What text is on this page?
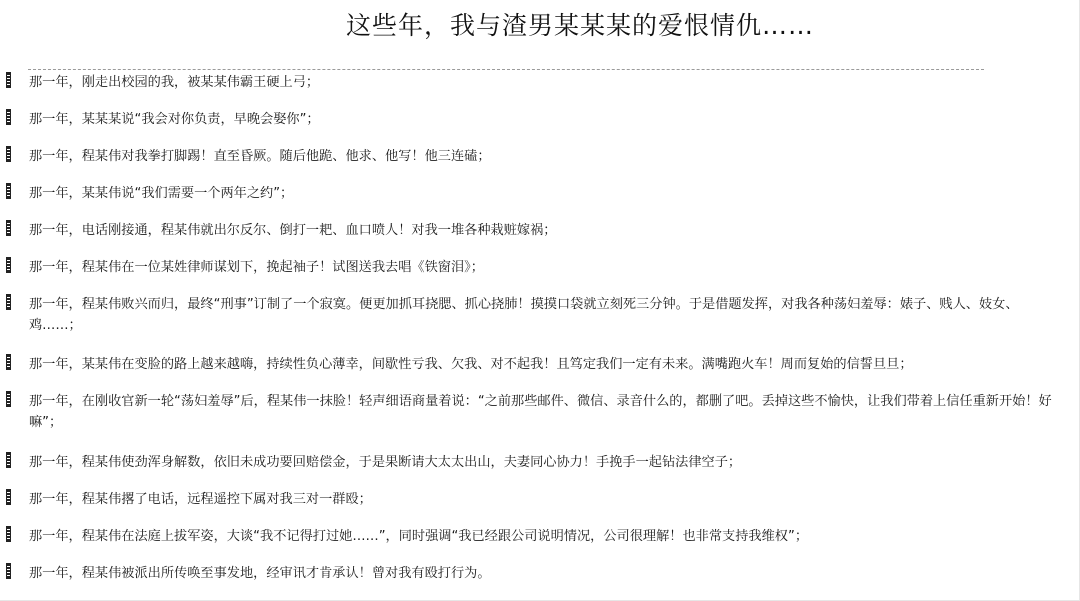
这些年，我与渣男某某某的爱恨情仇……
那一年，刚走出校园的我，被某某伟霸王硬上弓；
那一年，某某某说“我会对你负责，早晚会娶你”；
那一年，程某伟对我拳打脚踢！直至昏厥。随后他跪、他求、他写！他三连磕；
那一年，某某伟说“我们需要一个两年之约”；
那一年，电话刚接通，程某伟就出尔反尔、倒打一耙、血口喷人！对我一堆各种栽赃嫁祸；
那一年，程某伟在一位某姓律师谋划下，挽起袖子！试图送我去唱《铁窗泪》；
那一年，程某伟败兴而归，最终“刑事”订制了一个寂寞。便更加抓耳挠腮、抓心挠肺！摸摸口袋就立刻死三分钟。于是借题发挥，对我各种荡妇羞辱：婊子、贱人、妓女、鸡……；
那一年，某某伟在变脸的路上越来越嗨，持续性负心薄幸，间歇性亏我、欠我、对不起我！且笃定我们一定有未来。满嘴跑火车！周而复始的信誓旦旦；
那一年，在刚收官新一轮“荡妇羞辱”后，程某伟一抹脸！轻声细语商量着说：“之前那些邮件、微信、录音什么的，都删了吧。丢掉这些不愉快，让我们带着上信任重新开始！好嘛”；
那一年，程某伟使劲浑身解数，依旧未成功要回赔偿金，于是果断请大太太出山，夫妻同心协力！手挽手一起钻法律空子；
那一年，程某伟撂了电话，远程遥控下属对我三对一群殴；
那一年，程某伟在法庭上拔军姿，大谈“我不记得打过她……”，同时强调“我已经跟公司说明情况，公司很理解！也非常支持我维权”；
那一年，程某伟被派出所传唤至事发地，经审讯才肯承认！曾对我有殴打行为。
